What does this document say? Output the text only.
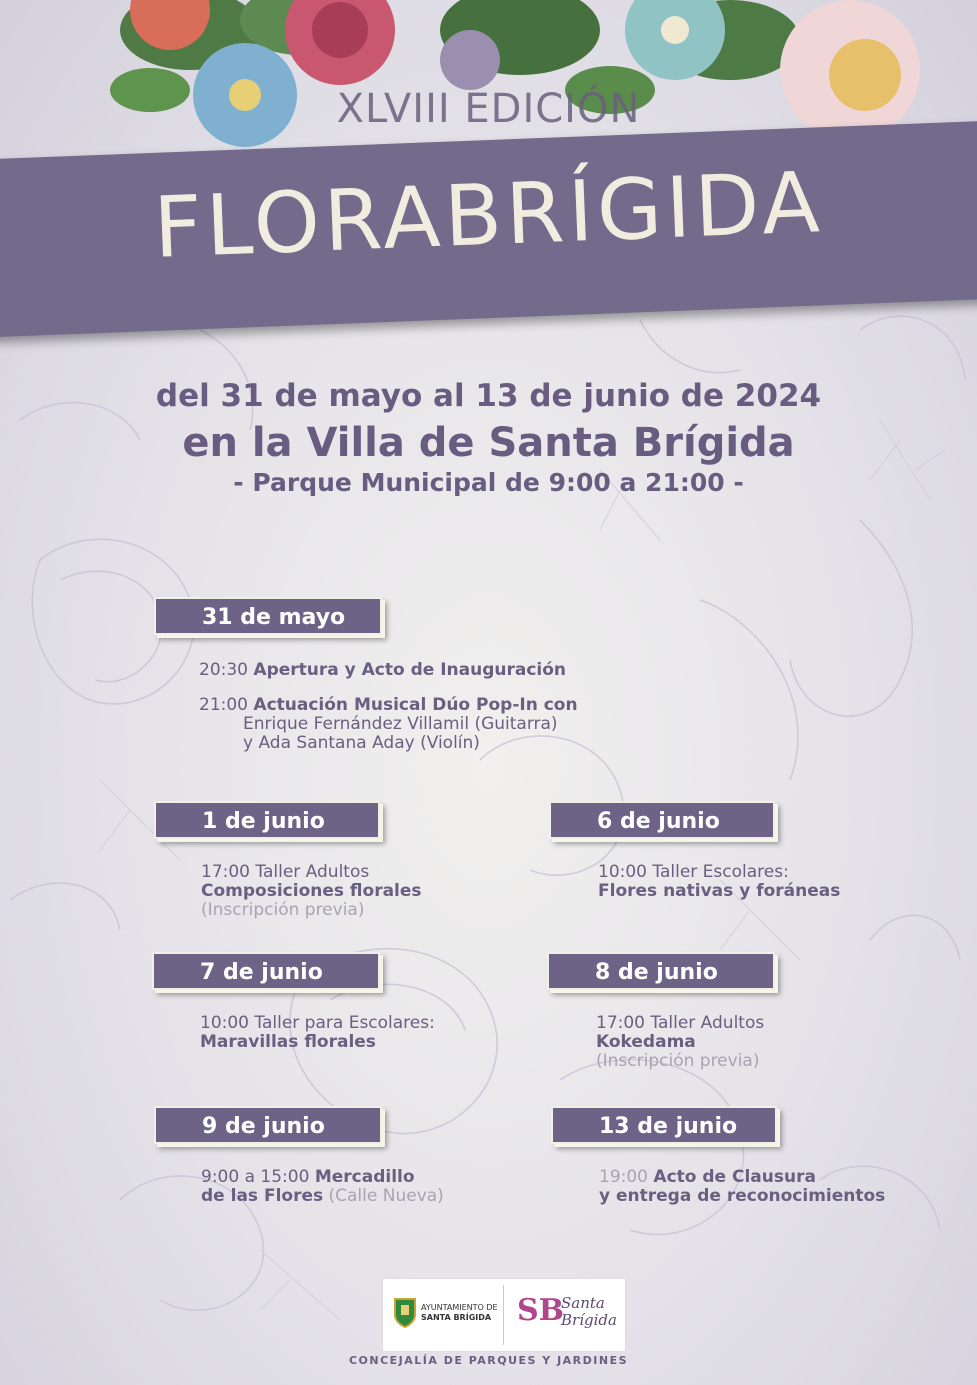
XLVIII EDICIÓN
FLORABRÍGIDA
del 31 de mayo al 13 de junio de 2024
en la Villa de Santa Brígida
- Parque Municipal de 9:00 a 21:00 -
31 de mayo
20:30 Apertura y Acto de Inauguración
21:00 Actuación Musical Dúo Pop-In con
Enrique Fernández Villamil (Guitarra)
y Ada Santana Aday (Violín)
1 de junio
17:00 Taller Adultos
Composiciones florales
(Inscripción previa)
6 de junio
10:00 Taller Escolares:
Flores nativas y foráneas
7 de junio
10:00 Taller para Escolares:
Maravillas florales
8 de junio
17:00 Taller Adultos
Kokedama
(Inscripción previa)
9 de junio
9:00 a 15:00 Mercadillo
de las Flores (Calle Nueva)
13 de junio
19:00 Acto de Clausura
y entrega de reconocimientos
AYUNTAMIENTO DE
SANTA BRÍGIDA SB
Santa
Brígida
CONCEJALÍA DE PARQUES Y JARDINES
